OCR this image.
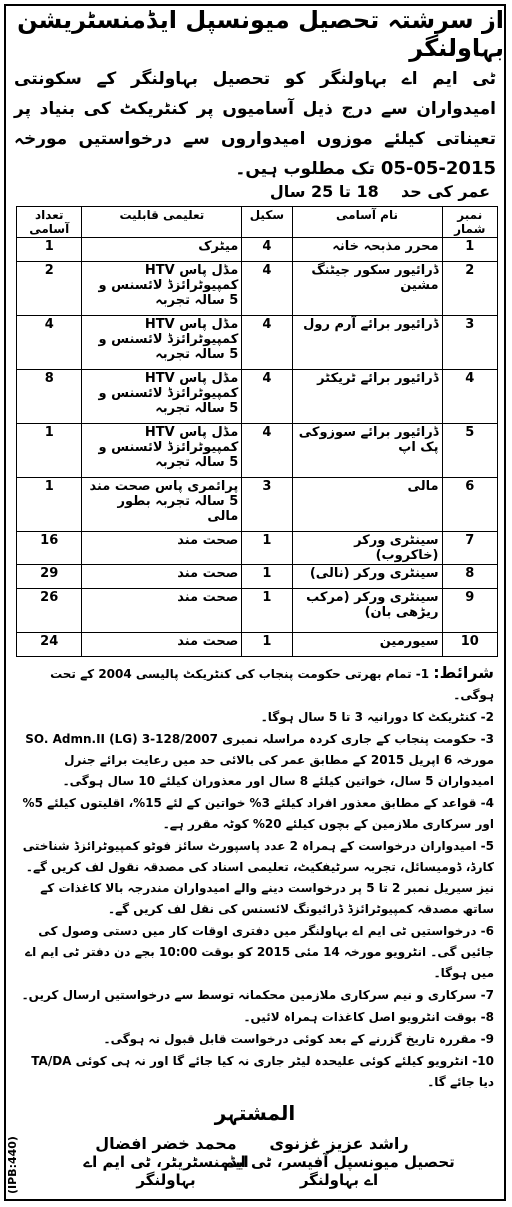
از سرشتہ تحصیل میونسپل ایڈمنسٹریشن بہاولنگر
ٹی ایم اے بہاولنگر کو تحصیل بہاولنگر کے سکونتی امیدواران سے درج ذیل آسامیوں پر کنٹریکٹ کی بنیاد پر تعیناتی کیلئے موزوں امیدواروں سے درخواستیں مورخہ 05-05-2015 تک مطلوب ہیں۔
عمر کی حد    18 تا 25 سال
نمبر شمار	نام آسامی	سکیل	تعلیمی قابلیت	تعداد آسامی
1	محرر مذبحہ خانہ	4	میٹرک	1
2	ڈرائیور سکور جیٹنگ مشین	4	مڈل پاس HTV کمپیوٹرائزڈ لائسنس و 5 سالہ تجربہ	2
3	ڈرائیور برائے آرم رول	4	مڈل پاس HTV کمپیوٹرائزڈ لائسنس و 5 سالہ تجربہ	4
4	ڈرائیور برائے ٹریکٹر	4	مڈل پاس HTV کمپیوٹرائزڈ لائسنس و 5 سالہ تجربہ	8
5	ڈرائیور برائے سوزوکی پک اپ	4	مڈل پاس HTV کمپیوٹرائزڈ لائسنس و 5 سالہ تجربہ	1
6	مالی	3	پرائمری پاس صحت مند 5 سالہ تجربہ بطور مالی	1
7	سینٹری ورکر (خاکروب)	1	صحت مند	16
8	سینٹری ورکر (نالی)	1	صحت مند	29
9	سینٹری ورکر (مرکب ریڑھی بان)	1	صحت مند	26
10	سیورمین	1	صحت مند	24

شرائط: 1- تمام بھرتی حکومت پنجاب کی کنٹریکٹ پالیسی 2004 کے تحت ہوگی۔

2- کنٹریکٹ کا دورانیہ 3 تا 5 سال ہوگا۔

3- حکومت پنجاب کے جاری کردہ مراسلہ نمبری SO. Admn.II (LG) 3-128/2007 مورخہ 6 اپریل 2015 کے مطابق عمر کی بالائی حد میں رعایت برائے جنرل امیدواران 5 سال، خواتین کیلئے 8 سال اور معذوران کیلئے 10 سال ہوگی۔

4- قواعد کے مطابق معذور افراد کیلئے 3% خواتین کے لئے 15%، اقلیتوں کیلئے 5% اور سرکاری ملازمین کے بچوں کیلئے 20% کوٹہ مقرر ہے۔

5- امیدواران درخواست کے ہمراہ 2 عدد پاسپورٹ سائز فوٹو کمپیوٹرائزڈ شناختی کارڈ، ڈومیسائل، تجربہ سرٹیفکیٹ، تعلیمی اسناد کی مصدقہ نقول لف کریں گے۔ نیز سیریل نمبر 2 تا 5 پر درخواست دینے والے امیدواران مندرجہ بالا کاغذات کے ساتھ مصدقہ کمپیوٹرائزڈ ڈرائیونگ لائسنس کی نقل لف کریں گے۔

6- درخواستیں ٹی ایم اے بہاولنگر میں دفتری اوقات کار میں دستی وصول کی جائیں گی۔ انٹرویو مورخہ 14 مئی 2015 کو بوقت 10:00 بجے دن دفتر ٹی ایم اے میں ہوگا۔

7- سرکاری و نیم سرکاری ملازمین محکمانہ توسط سے درخواستیں ارسال کریں۔

8- بوقت انٹرویو اصل کاغذات ہمراہ لائیں۔

9- مقررہ تاریخ گزرنے کے بعد کوئی درخواست قابل قبول نہ ہوگی۔

10- انٹرویو کیلئے کوئی علیحدہ لیٹر جاری نہ کیا جائے گا اور نہ ہی کوئی TA/DA دیا جائے گا۔

المشتہر
محمد خضر افضال
ایڈمنسٹریٹر، ٹی ایم اے بہاولنگر
راشد عزیز غزنوی
تحصیل میونسپل آفیسر، ٹی ایم اے بہاولنگر
(IPB:440)
